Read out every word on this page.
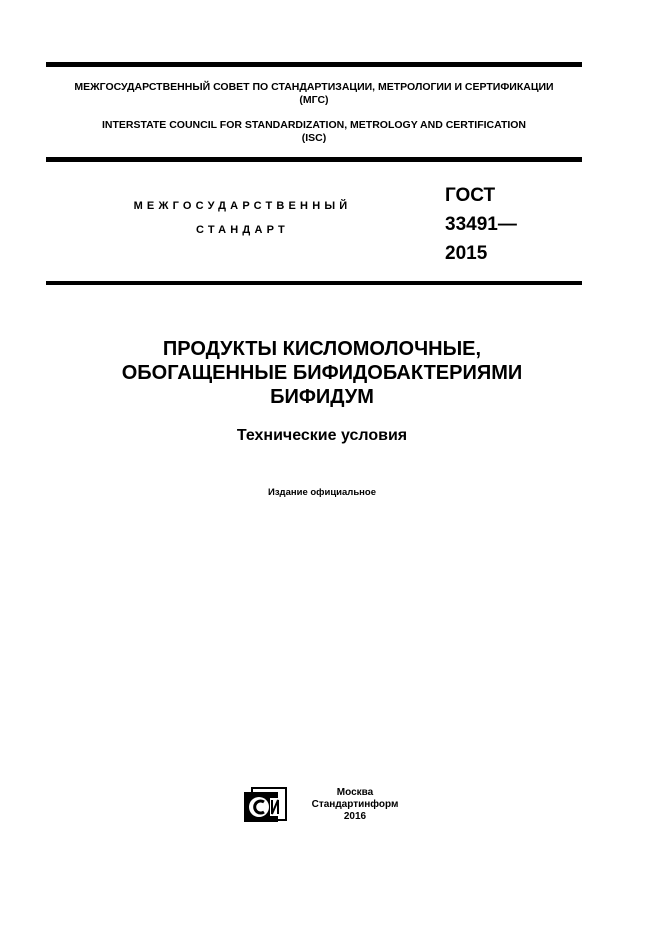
МЕЖГОСУДАРСТВЕННЫЙ СОВЕТ ПО СТАНДАРТИЗАЦИИ, МЕТРОЛОГИИ И СЕРТИФИКАЦИИ
(МГС)
INTERSTATE COUNCIL FOR STANDARDIZATION, METROLOGY AND CERTIFICATION
(ISC)
МЕЖГОСУДАРСТВЕННЫЙ
СТАНДАРТ
ГОСТ
33491—
2015
ПРОДУКТЫ КИСЛОМОЛОЧНЫЕ,
ОБОГАЩЕННЫЕ БИФИДОБАКТЕРИЯМИ
БИФИДУМ
Технические условия
Издание официальное
Москва
Стандартинформ
2016
